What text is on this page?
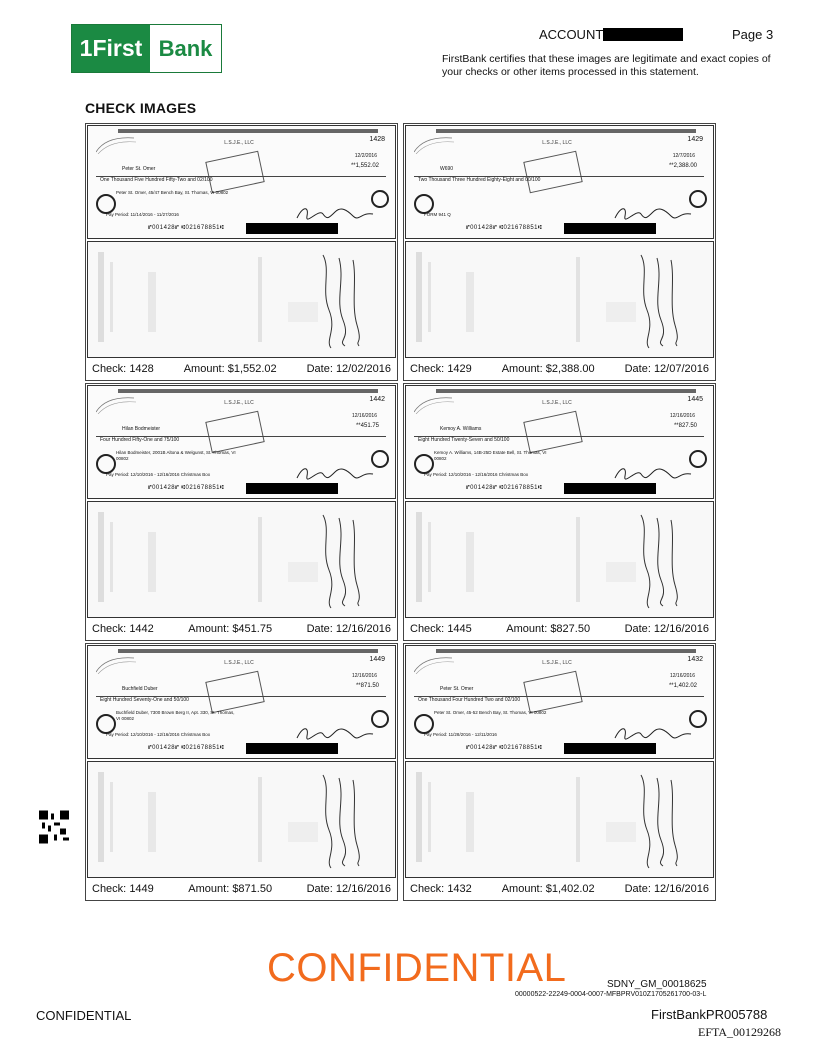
1First Bank
ACCOUNT	Page 3
FirstBank certifies that these images are legitimate and exact copies of your checks or other items processed in this statement.
CHECK IMAGES
L.S.J.E., LLC	1428
12/2/2016
Peter St. Omer	**1,552.02
One Thousand Five Hundred Fifty-Two and 02/100
Peter St. Omer, 45/47 Bench Bay, St. Thomas, VI 00802
Pay Period: 11/14/2016 - 11/27/2016
⑈001428⑈ ⑆021678851⑆
Check: 1428	Amount: $1,552.02	Date: 12/02/2016
L.S.J.E., LLC	1429
12/7/2016
W690	**2,388.00
Two Thousand Three Hundred Eighty-Eight and 00/100
FORM 941 Q
⑈001428⑈ ⑆021678851⑆
Check: 1429	Amount: $2,388.00	Date: 12/07/2016
L.S.J.E., LLC	1442
12/16/2016
Hilan Bodmeister	**451.75
Four Hundred Fifty-One and 75/100
Hilan Bodmeister, 2001B Altona & Welgunst, St. Thomas, VI 00802
Pay Period: 12/10/2016 - 12/16/2016 Christmas Box
⑈001428⑈ ⑆021678851⑆
Check: 1442	Amount: $451.75	Date: 12/16/2016
L.S.J.E., LLC	1445
12/16/2016
Kemoy A. Williams	**827.50
Eight Hundred Twenty-Seven and 50/100
Kemoy A. Williams, 14B-25D Estate Bell, St. Thomas, VI 00802
Pay Period: 12/10/2016 - 12/16/2016 Christmas Box
⑈001428⑈ ⑆021678851⑆
Check: 1445	Amount: $827.50	Date: 12/16/2016
L.S.J.E., LLC	1449
12/16/2016
Buchfield Duber	**871.50
Eight Hundred Seventy-One and 50/100
Buchfield Duber, 7300 Brown Berg II, Apt. 330, St. Thomas, VI 00802
Pay Period: 12/10/2016 - 12/16/2016 Christmas Box
⑈001428⑈ ⑆021678851⑆
Check: 1449	Amount: $871.50	Date: 12/16/2016
L.S.J.E., LLC	1432
12/16/2016
Peter St. Omer	**1,402.02
One Thousand Four Hundred Two and 02/100
Peter St. Omer, 45-52 Bench Bay, St. Thomas, VI 00802
Pay Period: 11/28/2016 - 12/11/2016
⑈001428⑈ ⑆021678851⑆
Check: 1432	Amount: $1,402.02	Date: 12/16/2016
CONFIDENTIAL	SDNY_GM_00018625
00000522-22249-0004-0007-MFBPRV010Z1705261700-03-L
CONFIDENTIAL	FirstBankPR005788
EFTA_00129268
